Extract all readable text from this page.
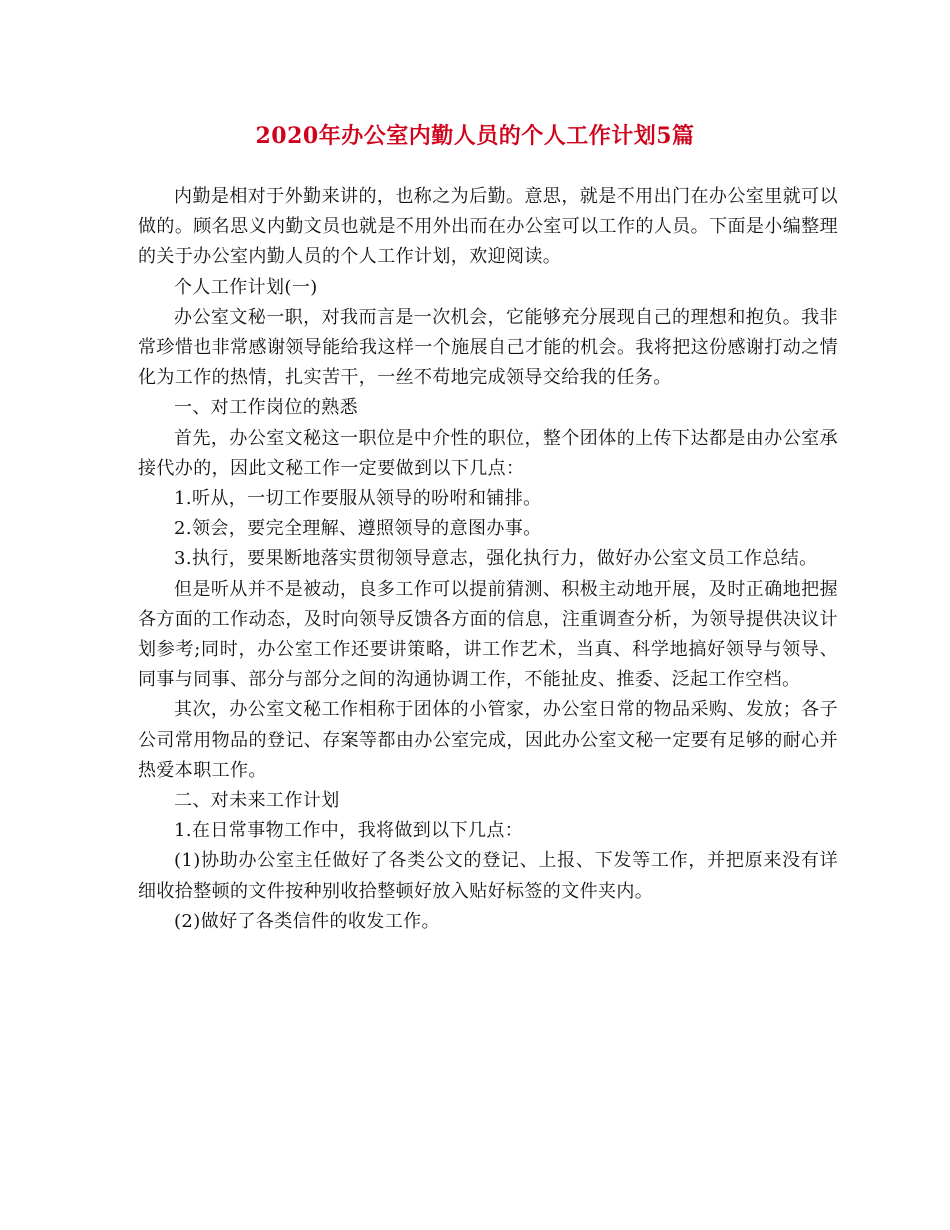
2020年办公室内勤人员的个人工作计划5篇

内勤是相对于外勤来讲的，也称之为后勤。意思，就是不用出门在办公室里就可以做的。顾名思义内勤文员也就是不用外出而在办公室可以工作的人员。下面是小编整理的关于办公室内勤人员的个人工作计划，欢迎阅读。

个人工作计划(一)

办公室文秘一职，对我而言是一次机会，它能够充分展现自己的理想和抱负。我非常珍惜也非常感谢领导能给我这样一个施展自己才能的机会。我将把这份感谢打动之情化为工作的热情，扎实苦干，一丝不苟地完成领导交给我的任务。

一、对工作岗位的熟悉

首先，办公室文秘这一职位是中介性的职位，整个团体的上传下达都是由办公室承接代办的，因此文秘工作一定要做到以下几点：

1.听从，一切工作要服从领导的吩咐和铺排。

2.领会，要完全理解、遵照领导的意图办事。

3.执行，要果断地落实贯彻领导意志，强化执行力，做好办公室文员工作总结。

但是听从并不是被动，良多工作可以提前猜测、积极主动地开展，及时正确地把握各方面的工作动态，及时向领导反馈各方面的信息，注重调查分析，为领导提供决议计划参考;同时，办公室工作还要讲策略，讲工作艺术，当真、科学地搞好领导与领导、同事与同事、部分与部分之间的沟通协调工作，不能扯皮、推委、泛起工作空档。

其次，办公室文秘工作相称于团体的小管家，办公室日常的物品采购、发放；各子公司常用物品的登记、存案等都由办公室完成，因此办公室文秘一定要有足够的耐心并热爱本职工作。

二、对未来工作计划

1.在日常事物工作中，我将做到以下几点：

(1)协助办公室主任做好了各类公文的登记、上报、下发等工作，并把原来没有详细收拾整顿的文件按种别收拾整顿好放入贴好标签的文件夹内。

(2)做好了各类信件的收发工作。
